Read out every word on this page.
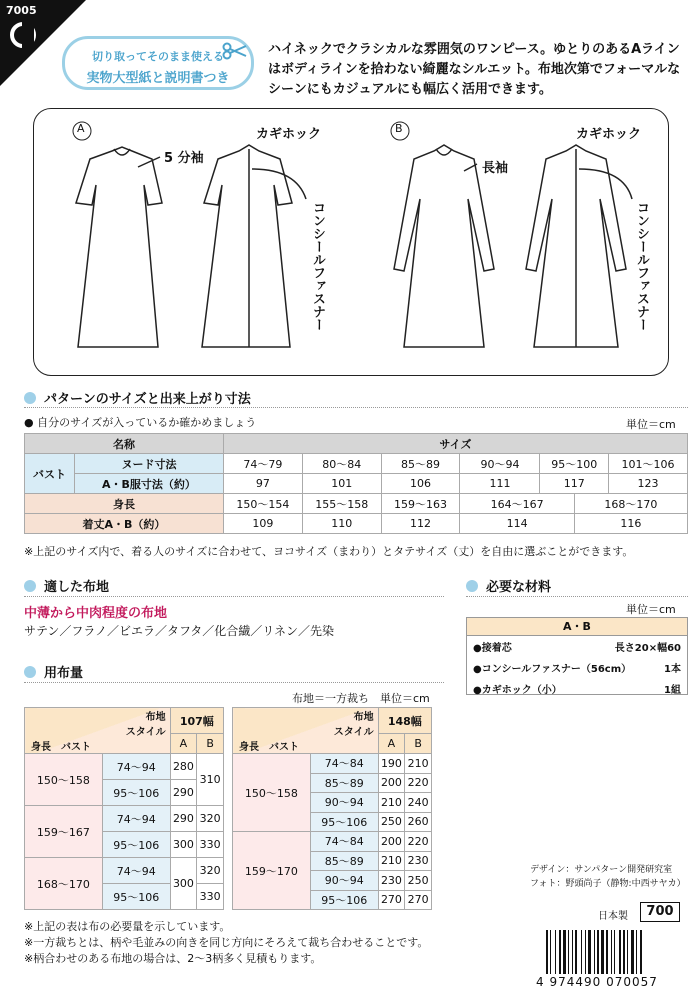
7005
切り取ってそのまま使える
実物大型紙と説明書つき
ハイネックでクラシカルな雰囲気のワンピース。ゆとりのあるAラインはボディラインを拾わない綺麗なシルエット。布地次第でフォーマルなシーンにもカジュアルにも幅広く活用できます。
A	B
5 分袖
長袖
カギホック	カギホック
コンシールファスナー	コンシールファスナー
パターンのサイズと出来上がり寸法
● 自分のサイズが入っているか確かめましょう	単位＝cm
名称		サイズ						
バスト	ヌード寸法	74〜79	80〜84	85〜89	90〜94	95〜100		101〜106
	A・B服寸法（約）	97	101	106	111	117		123
身長		150〜154	155〜158	159〜163	164〜167		168〜170	
着丈A・B（約）		109	110	112	114		116	
※上記のサイズ内で、着る人のサイズに合わせて、ヨコサイズ（まわり）とタテサイズ（丈）を自由に選ぶことができます。
適した布地
中薄から中肉程度の布地
サテン／フラノ／ビエラ／タフタ／化合繊／リネン／先染
必要な材料
単位＝cm
A・B
●接着芯	長さ20×幅60
●コンシールファスナー（56cm）	1本
●カギホック（小）	1組
用布量
布地＝一方裁ち　単位＝cm
布地
スタイル
身長　 バスト		107幅	
		A	B
150〜158	74〜94	280	310
	95〜106	290	
159〜167	74〜94	290	320
	95〜106	300	330
168〜170	74〜94	300	320
	95〜106		330
布地
スタイル
身長　 バスト		148幅	
		A	B
150〜158	74〜84	190	210
	85〜89	200	220
	90〜94	210	240
	95〜106	250	260
159〜170	74〜84	200	220
	85〜89	210	230
	90〜94	230	250
	95〜106	270	270
※上記の表は布の必要量を示しています。
※一方裁ちとは、柄や毛並みの向きを同じ方向にそろえて裁ち合わせることです。
※柄合わせのある布地の場合は、2〜3柄多く見積もります。
デザイン：サンパターン開発研究室
フォト：野頭尚子（静物:中西サヤカ）
日本製	700
4 974490 070057
